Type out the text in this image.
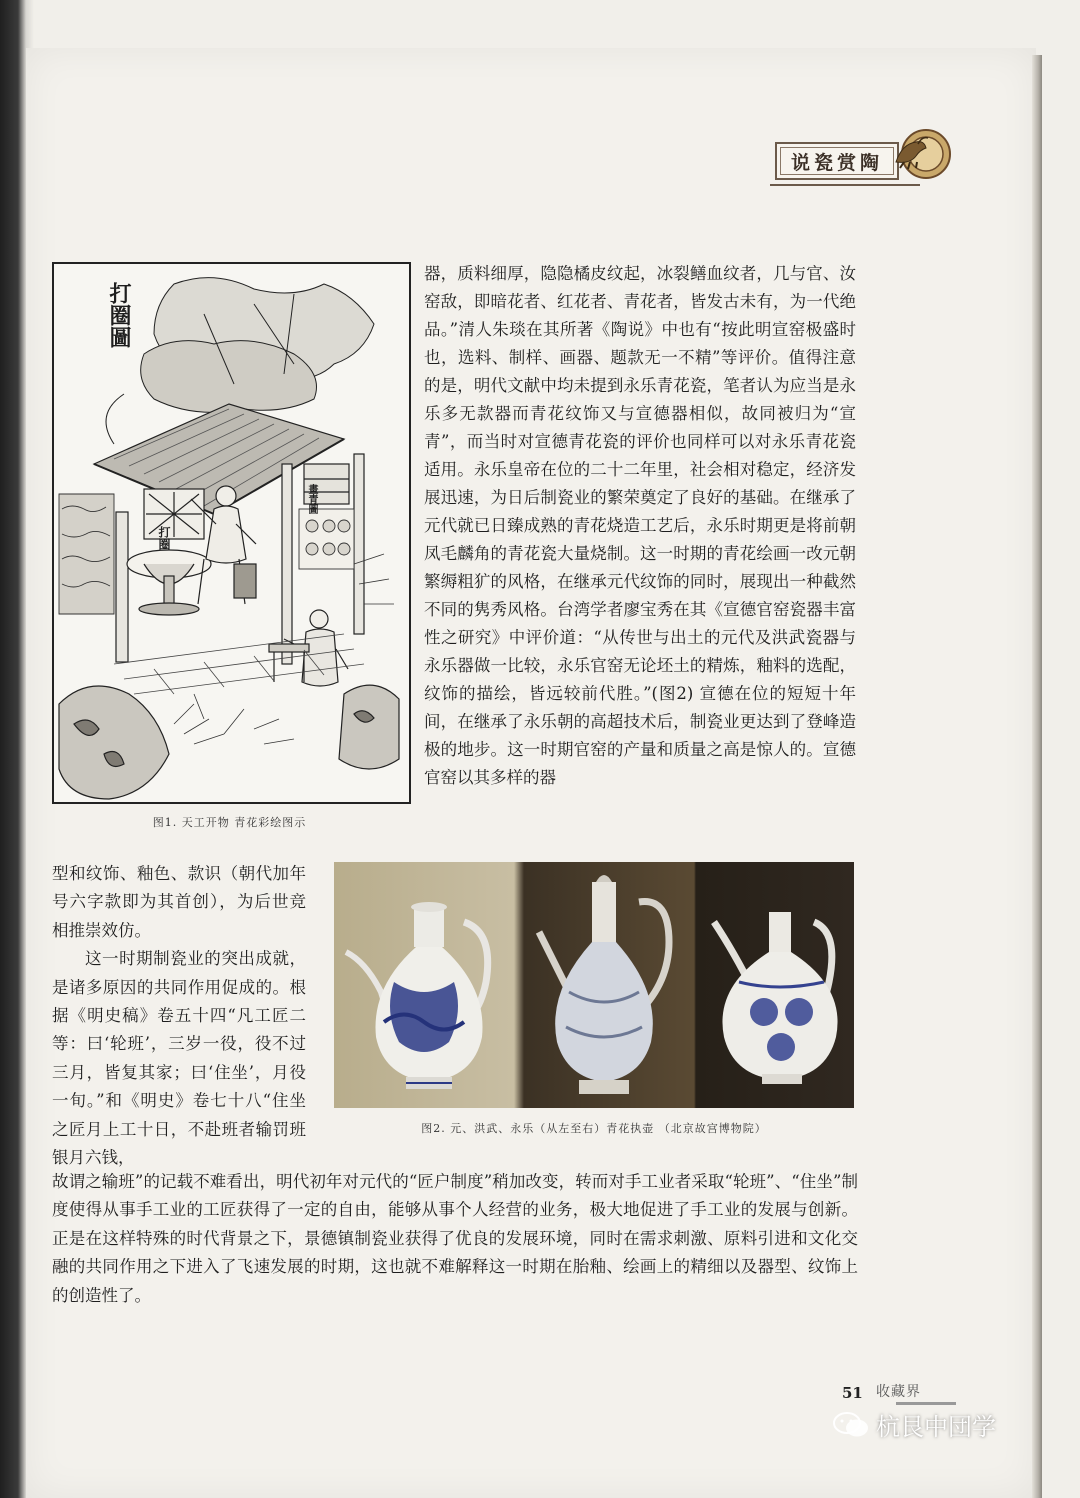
说瓷赏陶
打圈圖
打圈
畫青圖
图1. 天工开物 青花彩绘图示

器，质料细厚，隐隐橘皮纹起，冰裂鳝血纹者，几与官、汝窑敌，即暗花者、红花者、青花者，皆发古未有，为一代绝品。”清人朱琰在其所著《陶说》中也有“按此明宣窑极盛时也，选料、制样、画器、题款无一不精”等评价。值得注意的是，明代文献中均未提到永乐青花瓷，笔者认为应当是永乐多无款器而青花纹饰又与宣德器相似，故同被归为“宣青”，而当时对宣德青花瓷的评价也同样可以对永乐青花瓷适用。永乐皇帝在位的二十二年里，社会相对稳定，经济发展迅速，为日后制瓷业的繁荣奠定了良好的基础。在继承了元代就已日臻成熟的青花烧造工艺后，永乐时期更是将前朝凤毛麟角的青花瓷大量烧制。这一时期的青花绘画一改元朝繁缛粗犷的风格，在继承元代纹饰的同时，展现出一种截然不同的隽秀风格。台湾学者廖宝秀在其《宣德官窑瓷器丰富性之研究》中评价道：“从传世与出土的元代及洪武瓷器与永乐器做一比较，永乐官窑无论坯土的精炼，釉料的选配，纹饰的描绘，皆远较前代胜。”(图2) 宣德在位的短短十年间，在继承了永乐朝的高超技术后，制瓷业更达到了登峰造极的地步。这一时期官窑的产量和质量之高是惊人的。宣德官窑以其多样的器

图2. 元、洪武、永乐（从左至右）青花执壶 （北京故宫博物院）

型和纹饰、釉色、款识（朝代加年号六字款即为其首创），为后世竞相推崇效仿。

这一时期制瓷业的突出成就，是诸多原因的共同作用促成的。根据《明史稿》卷五十四“凡工匠二等：曰‘轮班’，三岁一役，役不过三月，皆复其家；曰‘住坐’，月役一旬。”和《明史》卷七十八“住坐之匠月上工十日，不赴班者输罚班银月六钱，

故谓之输班”的记载不难看出，明代初年对元代的“匠户制度”稍加改变，转而对手工业者采取“轮班”、“住坐”制度使得从事手工业的工匠获得了一定的自由，能够从事个人经营的业务，极大地促进了手工业的发展与创新。正是在这样特殊的时代背景之下，景德镇制瓷业获得了优良的发展环境，同时在需求刺激、原料引进和文化交融的共同作用之下进入了飞速发展的时期，这也就不难解释这一时期在胎釉、绘画上的精细以及器型、纹饰上的创造性了。

51 收藏界
杭艮中団学
